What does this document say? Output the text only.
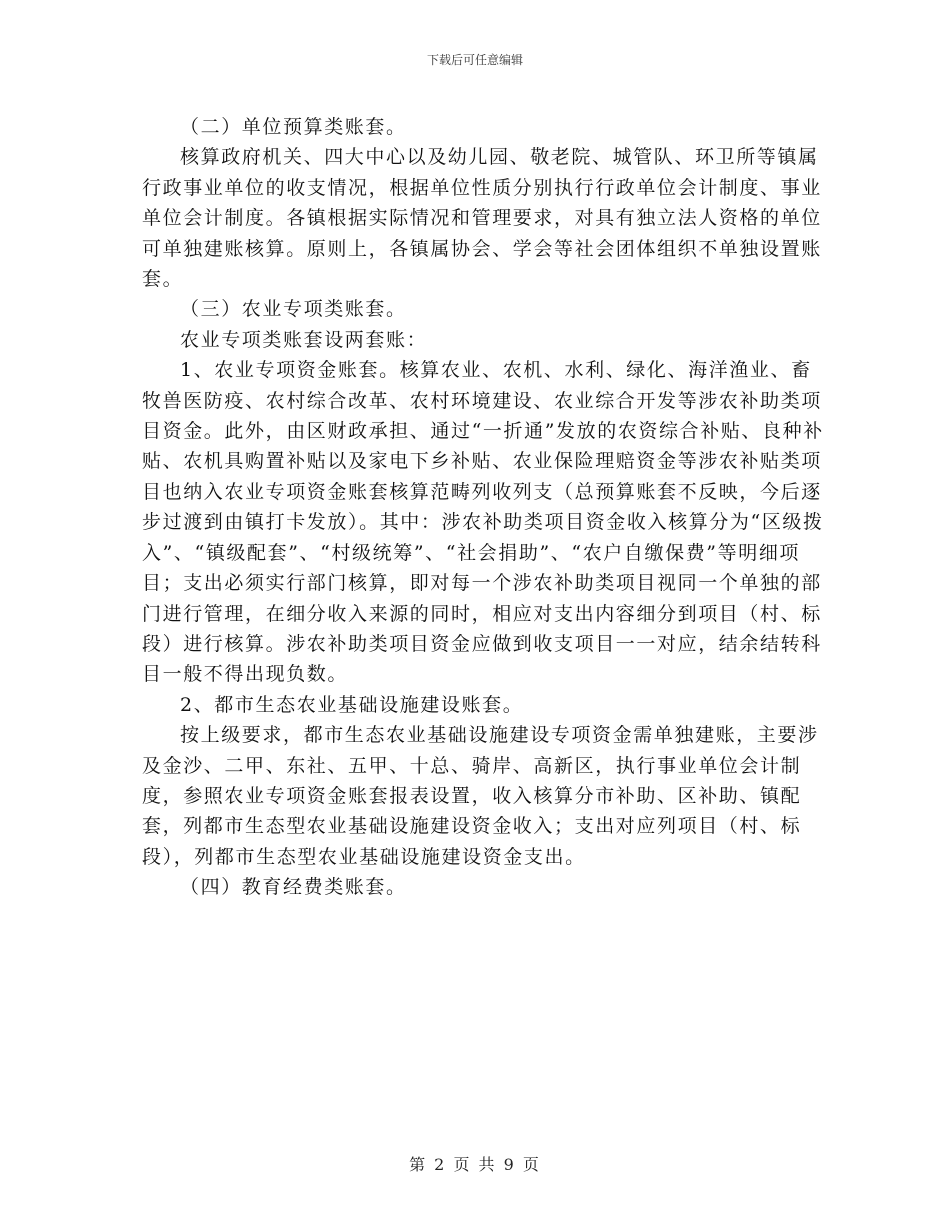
下载后可任意编辑

（二）单位预算类账套。

核算政府机关、四大中心以及幼儿园、敬老院、城管队、环卫所等镇属行政事业单位的收支情况，根据单位性质分别执行行政单位会计制度、事业单位会计制度。各镇根据实际情况和管理要求，对具有独立法人资格的单位可单独建账核算。原则上，各镇属协会、学会等社会团体组织不单独设置账套。

（三）农业专项类账套。

农业专项类账套设两套账：

1、农业专项资金账套。核算农业、农机、水利、绿化、海洋渔业、畜牧兽医防疫、农村综合改革、农村环境建设、农业综合开发等涉农补助类项目资金。此外，由区财政承担、通过“一折通”发放的农资综合补贴、良种补贴、农机具购置补贴以及家电下乡补贴、农业保险理赔资金等涉农补贴类项目也纳入农业专项资金账套核算范畴列收列支（总预算账套不反映，今后逐步过渡到由镇打卡发放）。其中：涉农补助类项目资金收入核算分为“区级拨入”、“镇级配套”、“村级统筹”、“社会捐助”、“农户自缴保费”等明细项目；支出必须实行部门核算，即对每一个涉农补助类项目视同一个单独的部门进行管理，在细分收入来源的同时，相应对支出内容细分到项目（村、标段）进行核算。涉农补助类项目资金应做到收支项目一一对应，结余结转科目一般不得出现负数。

2、都市生态农业基础设施建设账套。

按上级要求，都市生态农业基础设施建设专项资金需单独建账，主要涉及金沙、二甲、东社、五甲、十总、骑岸、高新区，执行事业单位会计制度，参照农业专项资金账套报表设置，收入核算分市补助、区补助、镇配套，列都市生态型农业基础设施建设资金收入；支出对应列项目（村、标段），列都市生态型农业基础设施建设资金支出。

（四）教育经费类账套。

第 2 页 共 9 页
